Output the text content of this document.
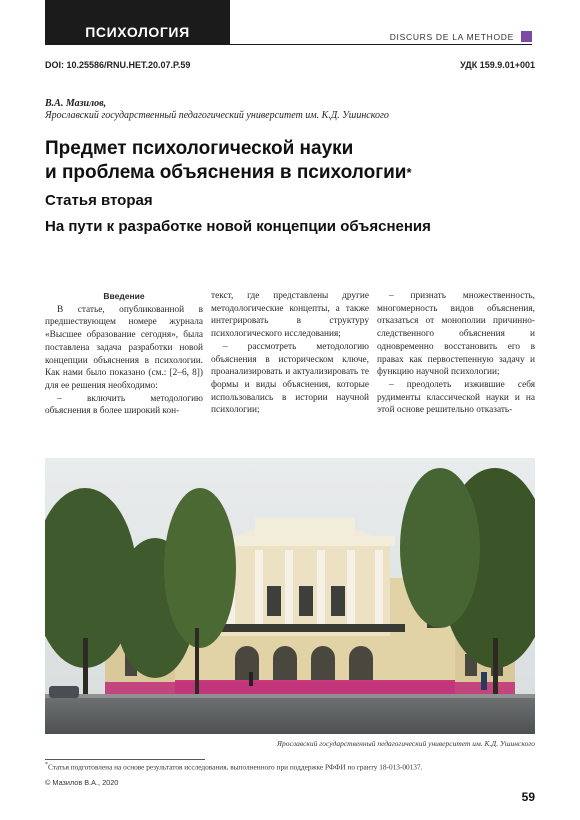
ПСИХОЛОГИЯ	DISCURS DE LA METHODE
DOI: 10.25586/RNU.HET.20.07.P.59	УДК 159.9.01+001
В.А. Мазилов,
Ярославский государственный педагогический университет им. К.Д. Ушинского
Предмет психологической науки
и проблема объяснения в психологии*
Статья вторая
На пути к разработке новой концепции объяснения
Введение

В статье, опубликованной в предшествующем номере журнала «Высшее образование сегодня», была поставлена задача разработки новой концепции объяснения в психологии. Как нами было показано (см.: [2–6, 8]) для ее решения необходимо:

– включить методологию объяснения в более широкий кон-

текст, где представлены другие методологические концепты, а также интегрировать в структуру психологического исследования;

– рассмотреть методологию объяснения в историческом ключе, проанализировать и актуализировать те формы и виды объяснения, которые использовались в истории научной психологии;

– признать множественность, многомерность видов объяснения, отказаться от монополии причинно-следственного объяснения и одновременно восстановить его в правах как первостепенную задачу и функцию научной психологии;

– преодолеть изжившие себя рудименты классической науки и на этой основе решительно отказать-

Ярославский государственный педагогический университет им. К.Д. Ушинского
*Статья подготовлена на основе результатов исследования, выполненного при поддержке РФФИ по гранту 18-013-00137.
© Мазилов В.А., 2020
59
